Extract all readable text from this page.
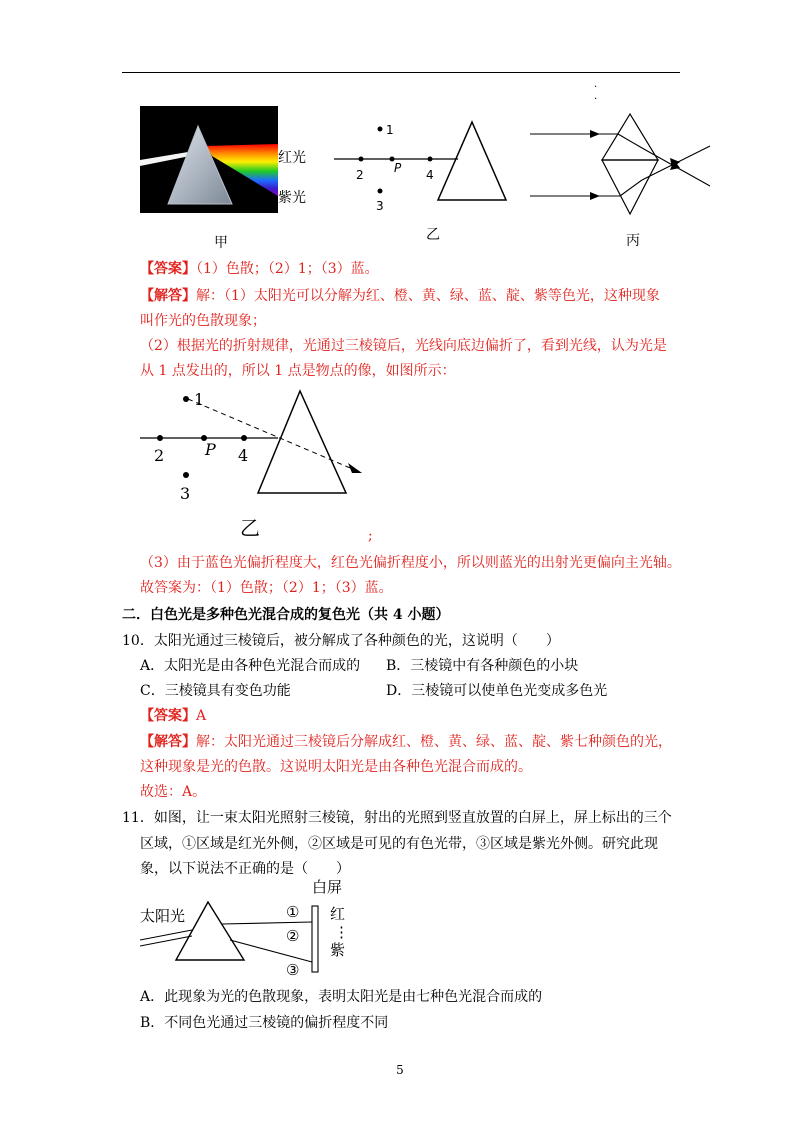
·
·
红光
紫光
甲
1
2	P 4
3
乙	丙
【答案】（1）色散；（2）1；（3）蓝。
【解答】解：（1）太阳光可以分解为红、橙、黄、绿、蓝、靛、紫等色光，这种现象
叫作光的色散现象；
（2）根据光的折射规律，光通过三棱镜后，光线向底边偏折了，看到光线，认为光是
从 1 点发出的，所以 1 点是物点的像，如图所示：
1
2	P 4
3
乙	;
（3）由于蓝色光偏折程度大，红色光偏折程度小，所以则蓝光的出射光更偏向主光轴。
故答案为：（1）色散；（2）1；（3）蓝。
二．白色光是多种色光混合成的复色光（共 4 小题）
10．太阳光通过三棱镜后，被分解成了各种颜色的光，这说明（　　）
A．太阳光是由各种色光混合而成的 B．三棱镜中有各种颜色的小块
C．三棱镜具有变色功能	D．三棱镜可以使单色光变成多色光
【答案】A
【解答】解：太阳光通过三棱镜后分解成红、橙、黄、绿、蓝、靛、紫七种颜色的光，
这种现象是光的色散。这说明太阳光是由各种色光混合而成的。
故选：A。
11．如图，让一束太阳光照射三棱镜，射出的光照到竖直放置的白屏上，屏上标出的三个
区域，①区域是红光外侧，②区域是可见的有色光带，③区域是紫光外侧。研究此现
象，以下说法不正确的是（　　）
太阳光
白屏
①
②
③
红
⋮
紫
A．此现象为光的色散现象，表明太阳光是由七种色光混合而成的
B．不同色光通过三棱镜的偏折程度不同
5
